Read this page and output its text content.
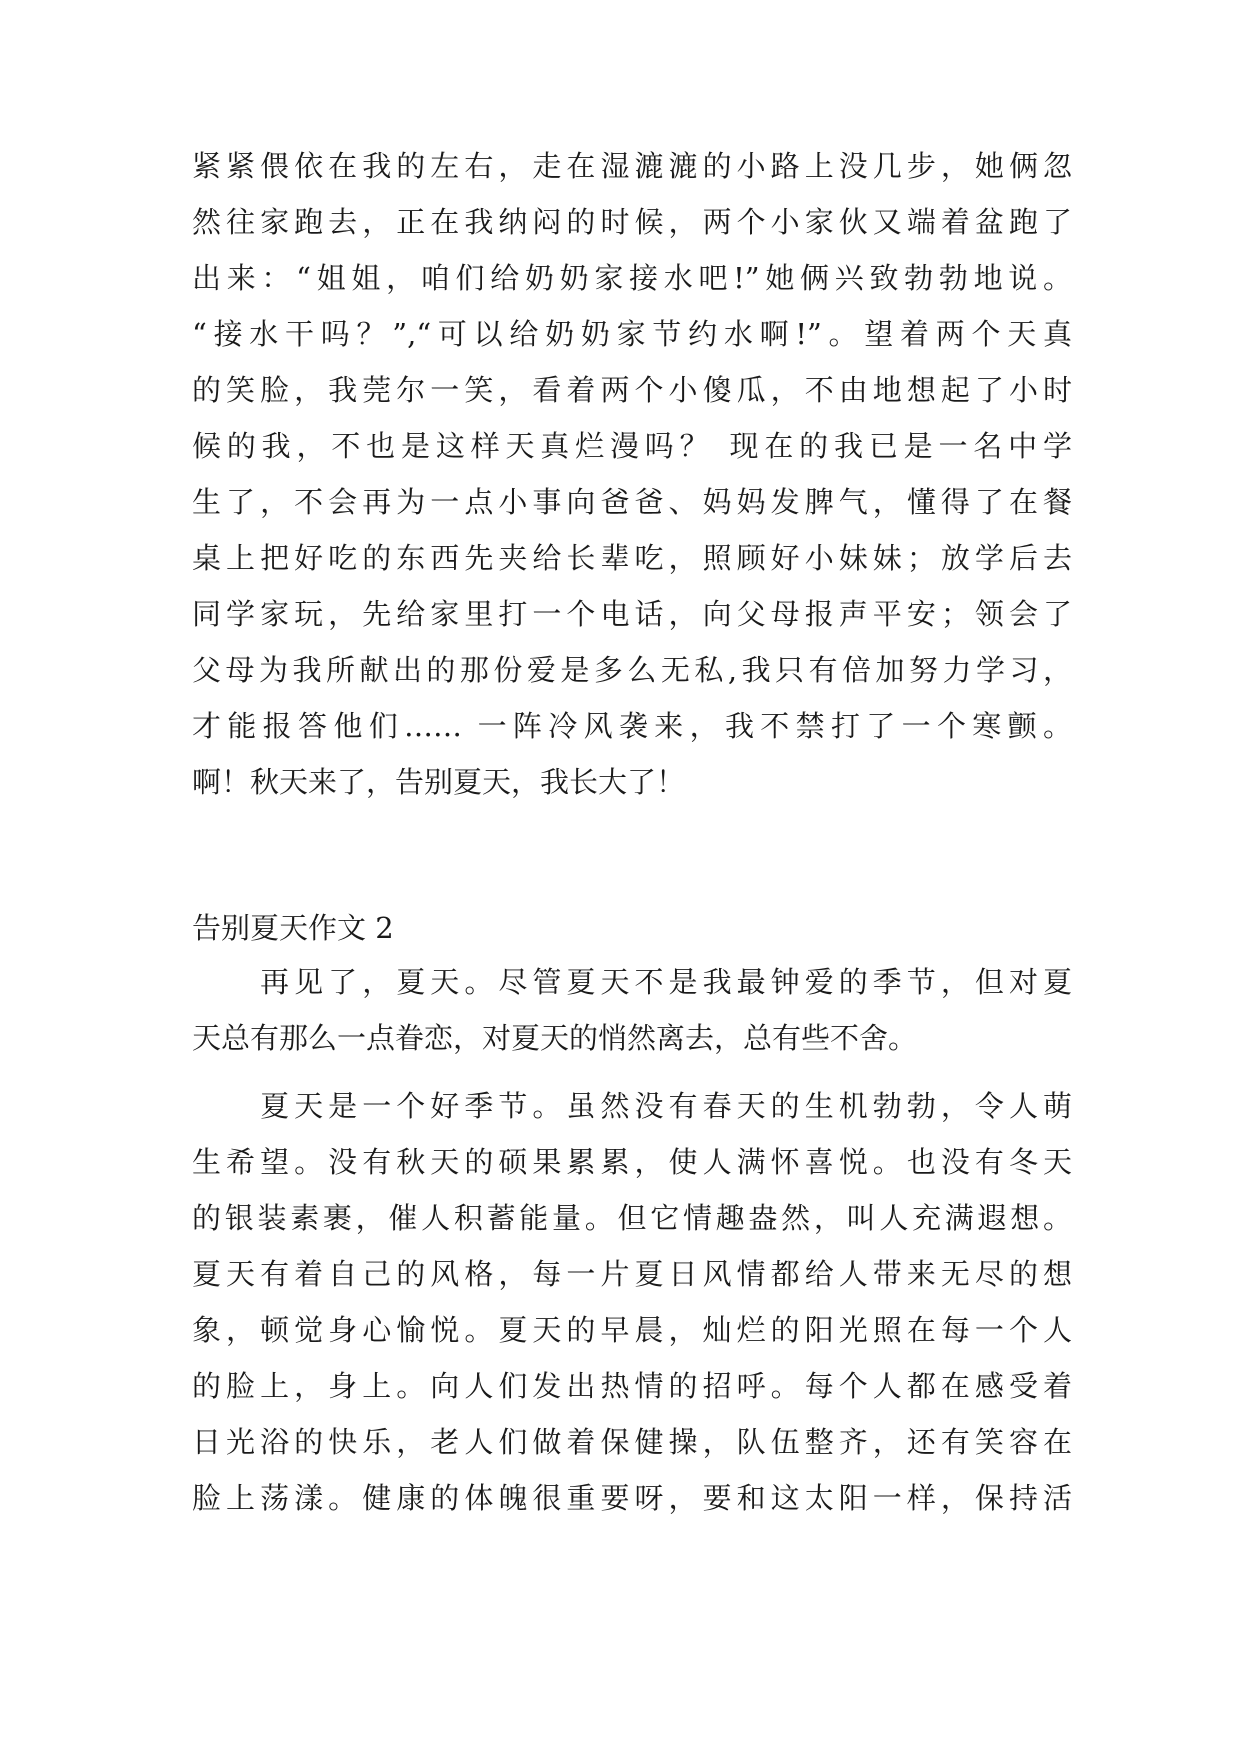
紧紧偎依在我的左右，走在湿漉漉的小路上没几步，她俩忽
然往家跑去，正在我纳闷的时候，两个小家伙又端着盆跑了
出来：“姐姐，咱们给奶奶家接水吧!”她俩兴致勃勃地说。
“接水干吗？”,“可以给奶奶家节约水啊!”。望着两个天真
的笑脸，我莞尔一笑，看着两个小傻瓜，不由地想起了小时
候的我，不也是这样天真烂漫吗？ 现在的我已是一名中学
生了，不会再为一点小事向爸爸、妈妈发脾气，懂得了在餐
桌上把好吃的东西先夹给长辈吃，照顾好小妹妹；放学后去
同学家玩，先给家里打一个电话，向父母报声平安；领会了
父母为我所献出的那份爱是多么无私,我只有倍加努力学习，
才能报答他们…… 一阵冷风袭来，我不禁打了一个寒颤。
啊！秋天来了，告别夏天，我长大了！
告别夏天作文 2
　　再见了，夏天。尽管夏天不是我最钟爱的季节，但对夏
天总有那么一点眷恋，对夏天的悄然离去，总有些不舍。
　　夏天是一个好季节。虽然没有春天的生机勃勃，令人萌
生希望。没有秋天的硕果累累，使人满怀喜悦。也没有冬天
的银装素裹，催人积蓄能量。但它情趣盎然，叫人充满遐想。
夏天有着自己的风格，每一片夏日风情都给人带来无尽的想
象，顿觉身心愉悦。夏天的早晨，灿烂的阳光照在每一个人
的脸上，身上。向人们发出热情的招呼。每个人都在感受着
日光浴的快乐，老人们做着保健操，队伍整齐，还有笑容在
脸上荡漾。健康的体魄很重要呀，要和这太阳一样，保持活
